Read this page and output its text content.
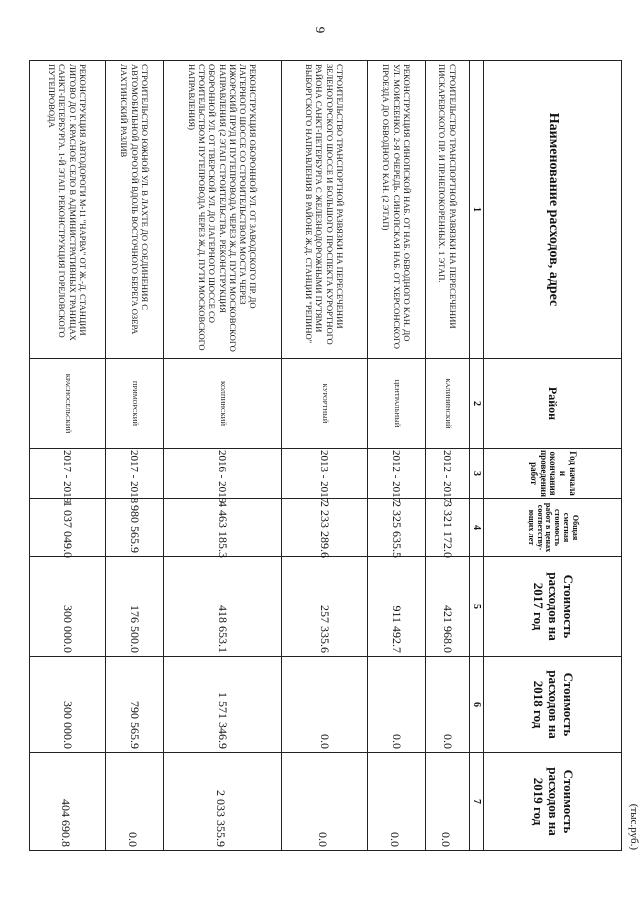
9
(тыс.руб.)
Наименование расходов, адрес	Район	Год начала и окончания проведения работ	Общая сметная стоимость работ в ценах соответству-ющих лет	Стоимость расходов на 2017 год	Стоимость расходов на 2018 год	Стоимость расходов на 2019 год
1	2	3	4	5	6	7
СТРОИТЕЛЬСТВО ТРАНСПОРТНОЙ РАЗВЯЗКИ НА ПЕРЕСЕЧЕНИИ ПИСКАРЕВСКОГО ПР. И ПР.НЕПОКОРЕННЫХ. 1 ЭТАП.	КАЛИНИНСКИЙ	2012 - 2017	3 321 172.0	421 968.0	0.0	0.0
РЕКОНСТРУКЦИЯ СИНОПСКОЙ НАБ. ОТ НАБ. ОБВОДНОГО КАН. ДО УЛ. МОИСЕЕНКО. 2-Я ОЧЕРЕДЬ. СИНОПСКАЯ НАБ. ОТ ХЕРСОНСКОГО ПРОЕЗДА ДО ОБВОДНОГО КАН. (2 ЭТАП)	ЦЕНТРАЛЬНЫЙ	2012 - 2017	2 325 635.5	911 492.7	0.0	0.0
СТРОИТЕЛЬСТВО ТРАНСПОРТНОЙ РАЗВЯЗКИ НА ПЕРЕСЕЧЕНИИ ЗЕЛЕНОГОРСКОГО ШОССЕ И БОЛЬШОГО ПРОСПЕКТА КУРОРТНОГО РАЙОНА САНКТ-ПЕТЕРБУРГА С ЖЕЛЕЗНОДОРОЖНЫМИ ПУТЯМИ ВЫБОРГСКОГО НАПРАВЛЕНИЯ В РАЙОНЕ Ж.Д. СТАНЦИИ "РЕПИНО"	КУРОРТНЫЙ	2013 - 2017	2 233 289.6	257 335.6	0.0	0.0
РЕКОНСТРУКЦИЯ ОБОРОННОЙ УЛ. ОТ ЗАВОДСКОГО ПР. ДО ЛАГЕРНОГО ШОССЕ СО СТРОИТЕЛЬСТВОМ МОСТА ЧЕРЕЗ ИЖОРСКИЙ ПРУД И ПУТЕПРОВОДА ЧЕРЕЗ Ж.Д. ПУТИ МОСКОВСКОГО НАПРАВЛЕНИЯ (2 ЭТАП СТРОИТЕЛЬСТВА. РЕКОНСТРУКЦИЯ ОБОРОННОЙ УЛ. ОТ ТВЕРСКОЙ УЛ. ДО ЛАГЕРНОГО ШОССЕ СО СТРОИТЕЛЬСТВОМ ПУТЕПРОВОДА ЧЕРЕЗ Ж.Д. ПУТИ МОСКОВСКОГО НАПРАВЛЕНИЯ)	КОЛПИНСКИЙ	2016 - 2019	4 463 185.3	418 653.1	1 571 346.9	2 033 355.9
СТРОИТЕЛЬСТВО ЮЖНОЙ УЛ. В ЛАХТЕ ДО СОЕДИНЕНИЯ С АВТОМОБИЛЬНОЙ ДОРОГОЙ ВДОЛЬ ВОСТОЧНОГО БЕРЕГА ОЗЕРА ЛАХТИНСКИЙ РАЗЛИВ	ПРИМОРСКИЙ	2017 - 2018	980 565.9	176 500.0	790 565.9	0.0
РЕКОНСТРУКЦИЯ АВТОДОРОГИ М-11 "НАРВА" ОТ Ж.-Д. СТАНЦИИ ЛИГОВО ДО Г. КРАСНОЕ СЕЛО В АДМИНИСТРАТИВНЫХ ГРАНИЦАХ САНКТ-ПЕТЕРБУРГА. 1-Й ЭТАП. РЕКОНСТРУКЦИЯ ГОРЕЛОВСКОГО ПУТЕПРОВОДА	КРАСНОСЕЛЬСКИЙ	2017 - 2019	1 037 049.0	300 000.0	300 000.0	404 690.8
